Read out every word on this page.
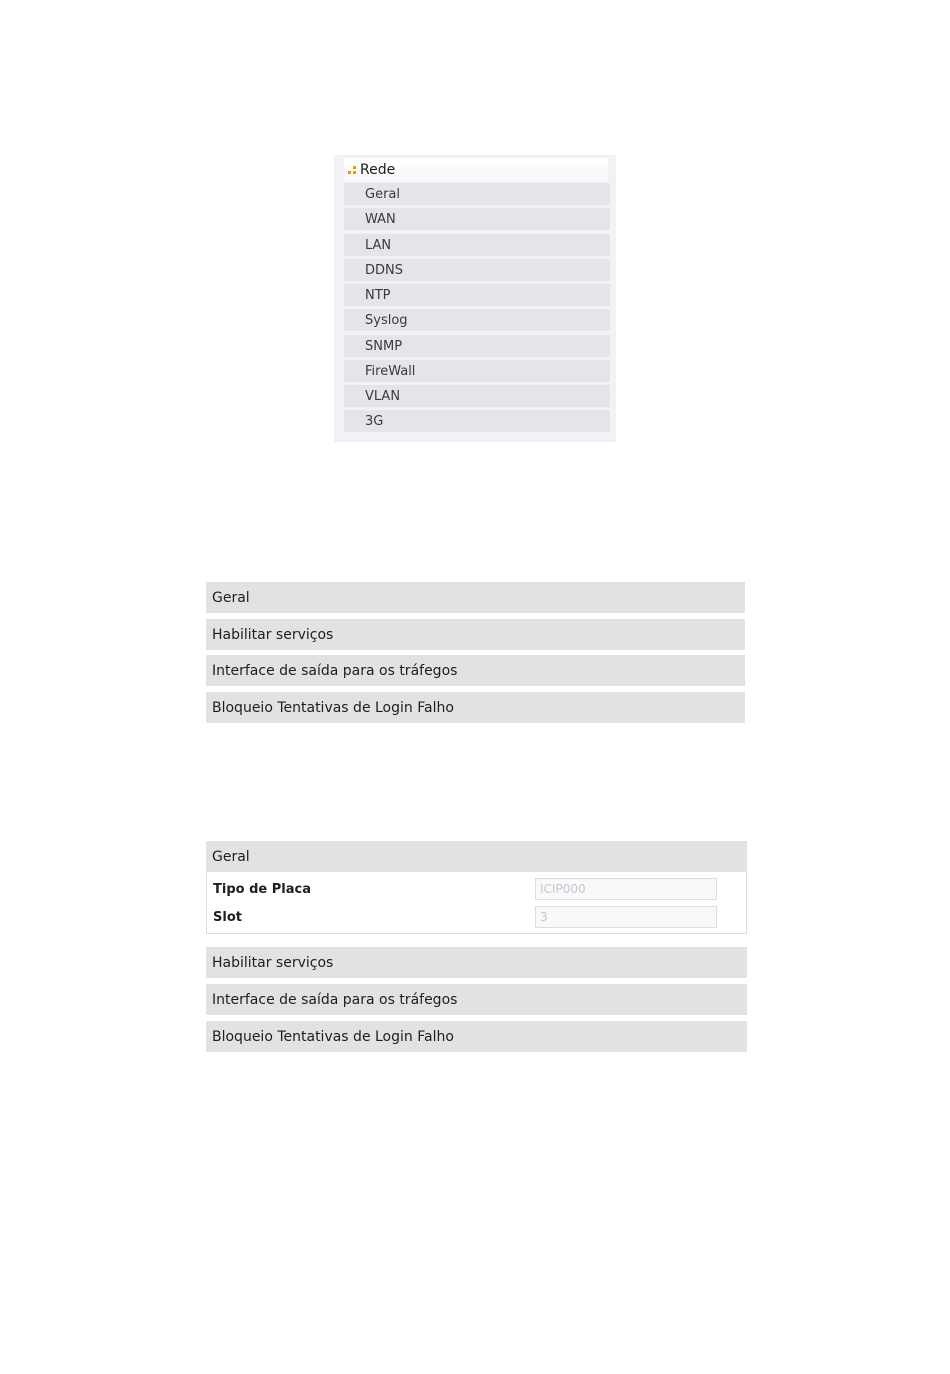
Rede
Geral
WAN
LAN
DDNS
NTP
Syslog
SNMP
FireWall
VLAN
3G
Geral
Habilitar serviços
Interface de saída para os tráfegos
Bloqueio Tentativas de Login Falho
Geral
Tipo de Placa
ICIP000
Slot
3
Habilitar serviços
Interface de saída para os tráfegos
Bloqueio Tentativas de Login Falho
